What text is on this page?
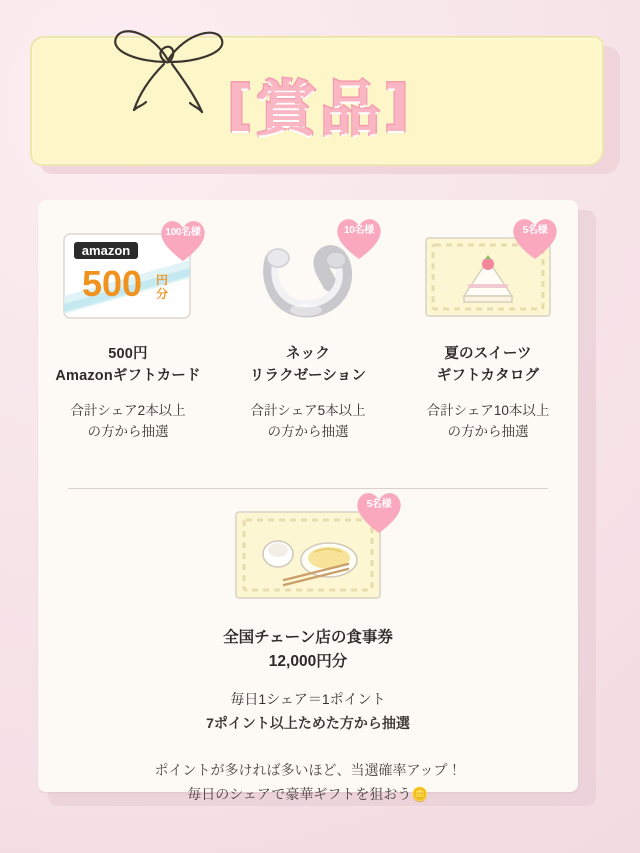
[賞品]
amazon
500 円
分
100名様
500円
Amazonギフトカード
合計シェア2本以上
の方から抽選
10名様
ネック
リラクゼーション
合計シェア5本以上
の方から抽選
5名様
夏のスイーツ
ギフトカタログ
合計シェア10本以上
の方から抽選
5名様
全国チェーン店の食事券
12,000円分
毎日1シェア＝1ポイント
7ポイント以上ためた方から抽選
ポイントが多ければ多いほど、当選確率アップ！
毎日のシェアで豪華ギフトを狙おう🪙
